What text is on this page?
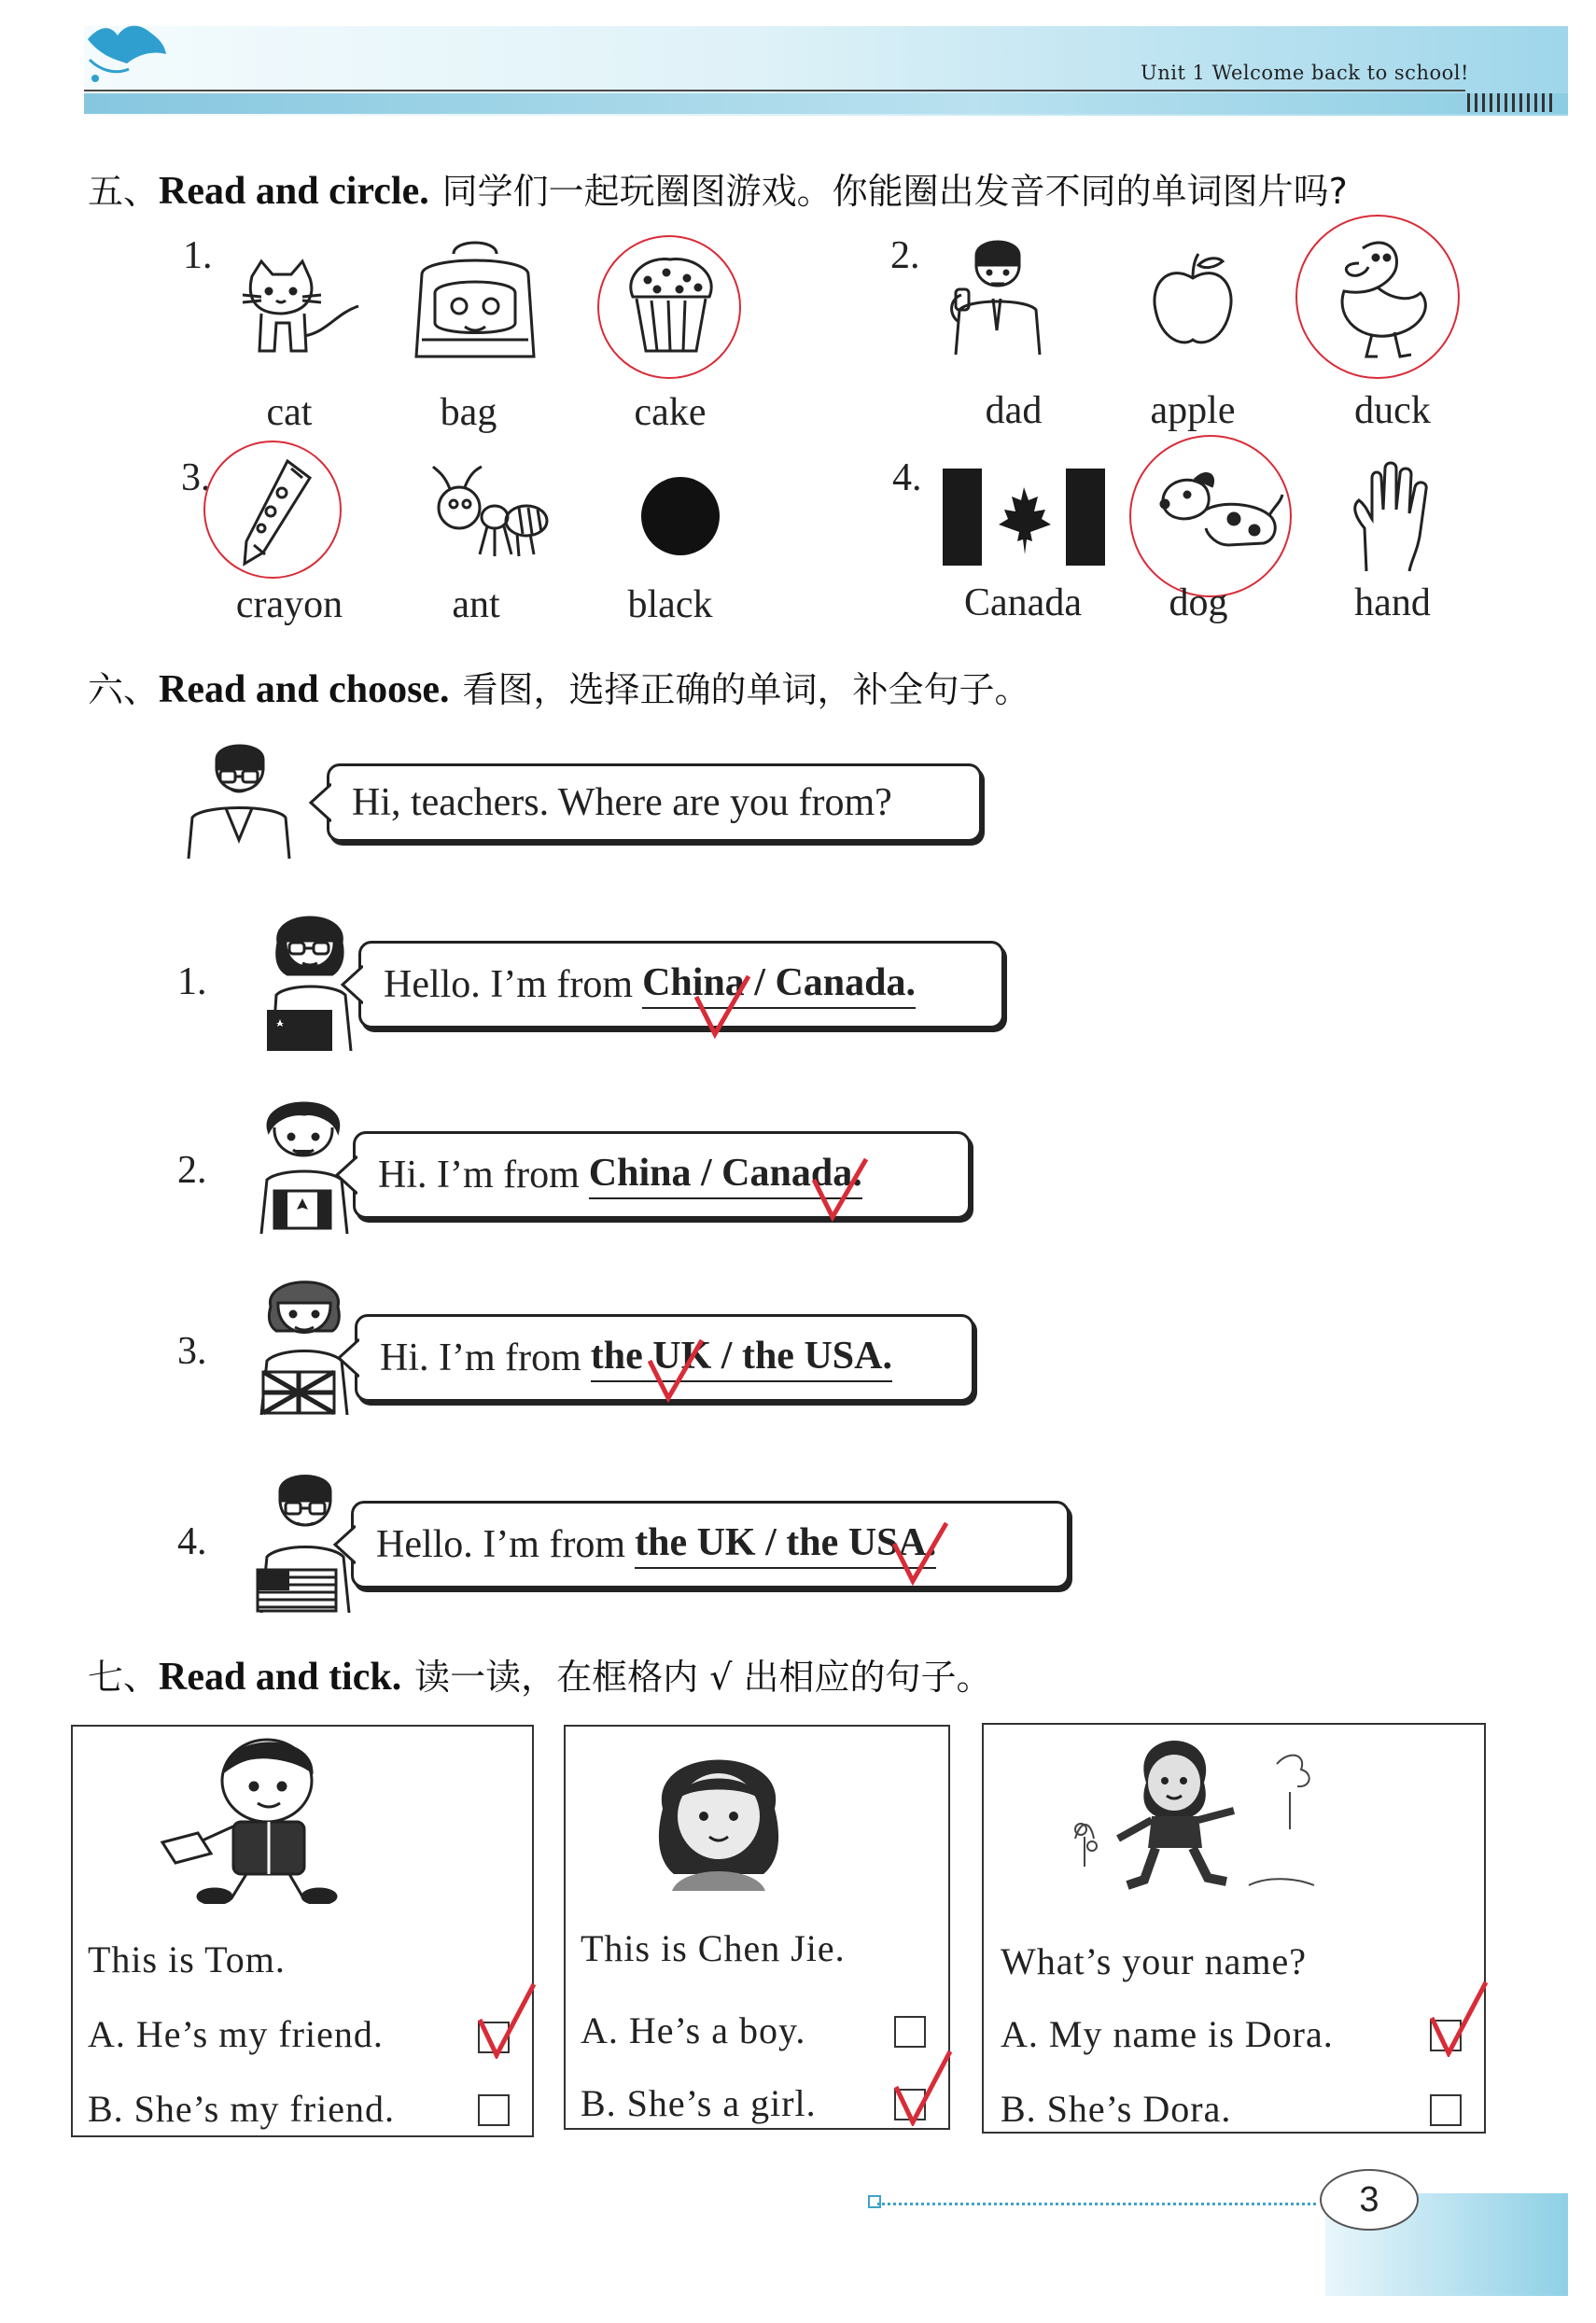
Unit 1 Welcome back to school!
五、Read and circle. 同学们一起玩圈图游戏。你能圈出发音不同的单词图片吗?
1.
cat	bag	cake
2.
dad	apple	duck
3.
crayon	ant	black
4.
Canada	dog	hand
六、Read and choose. 看图，选择正确的单词，补全句子。
Hi, teachers. Where are you from?
1.	Hello. I’m from China / Canada.
2.	Hi. I’m from China / Canada.
3.	Hi. I’m from the UK / the USA.
4.	Hello. I’m from the UK / the USA.
七、Read and tick. 读一读，在框格内 √ 出相应的句子。
This is Tom.
A. He’s my friend.
B. She’s my friend.
This is Chen Jie.
A. He’s a boy.
B. She’s a girl.
What’s your name?
A. My name is Dora.
B. She’s Dora.
3
